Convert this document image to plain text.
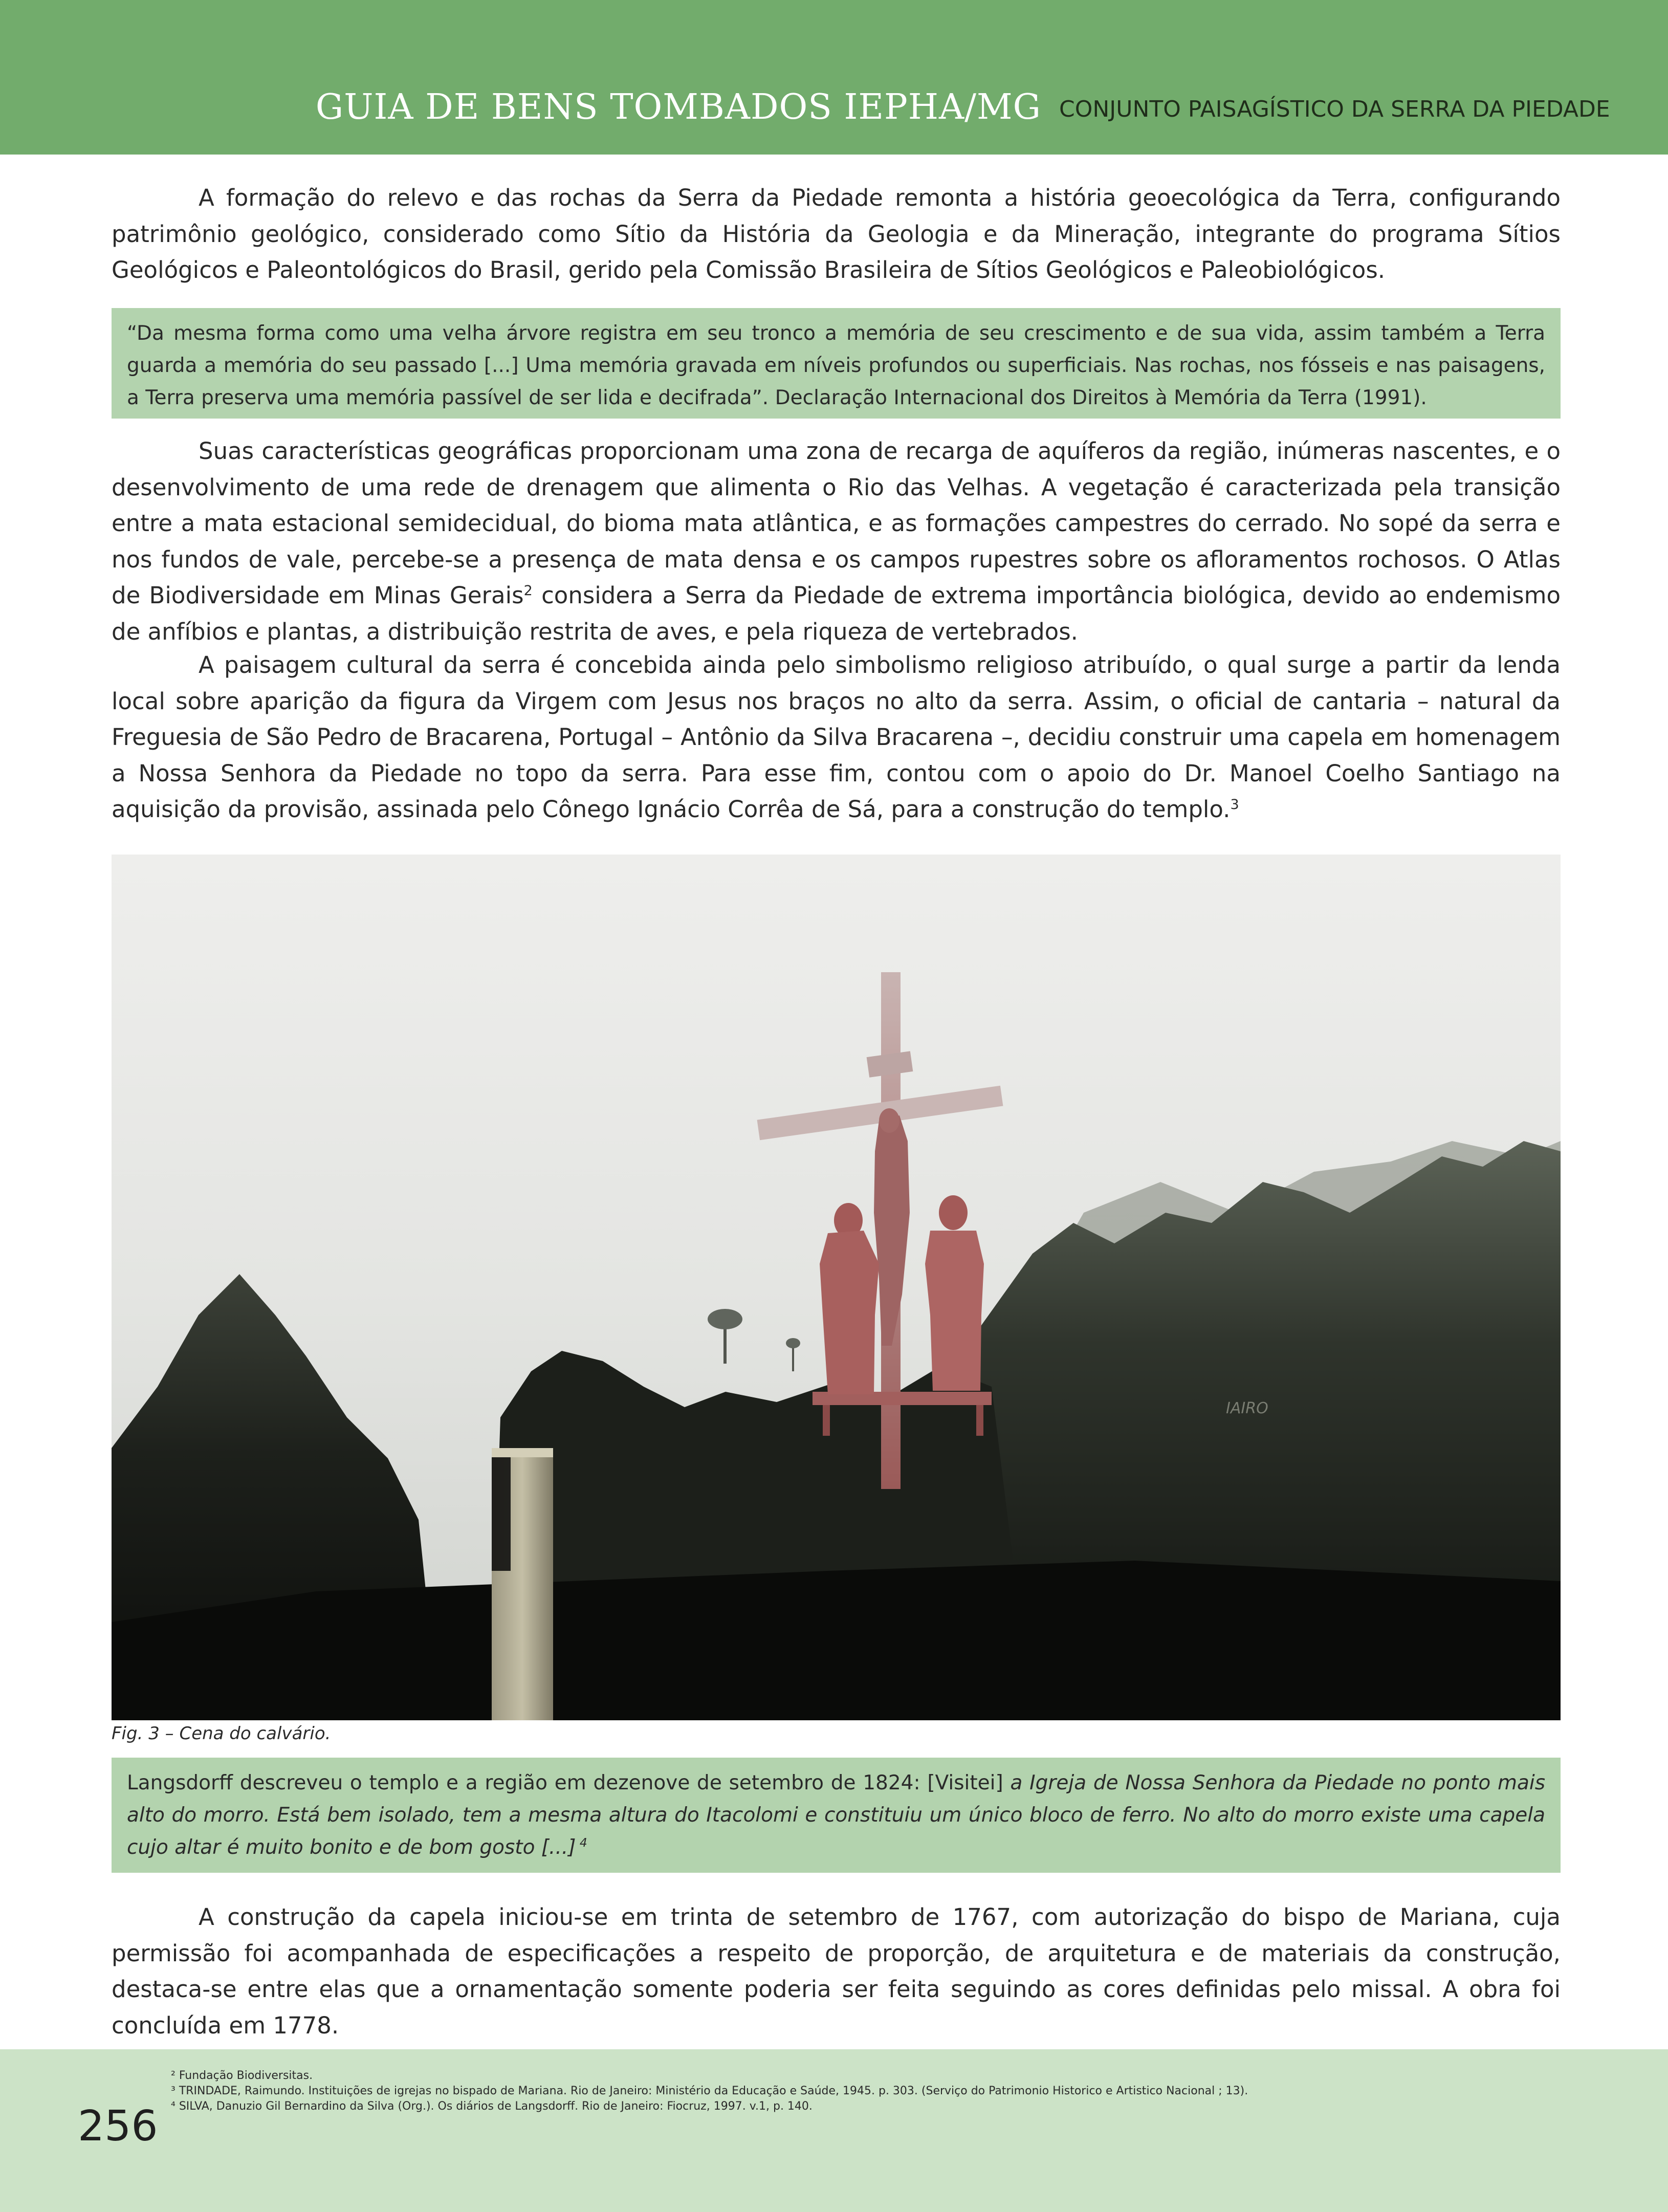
GUIA DE BENS TOMBADOS IEPHA/MG CONJUNTO PAISAGÍSTICO DA SERRA DA PIEDADE

A formação do relevo e das rochas da Serra da Piedade remonta a história geoecológica da Terra, configurando patrimônio geológico, considerado como Sítio da História da Geologia e da Mineração, integrante do programa Sítios Geológicos e Paleontológicos do Brasil, gerido pela Comissão Brasileira de Sítios Geológicos e Paleobiológicos.

“Da mesma forma como uma velha árvore registra em seu tronco a memória de seu crescimento e de sua vida, assim também a Terra guarda a memória do seu passado [...] Uma memória gravada em níveis profundos ou superficiais. Nas rochas, nos fósseis e nas paisagens, a Terra preserva uma memória passível de ser lida e decifrada”. Declaração Internacional dos Direitos à Memória da Terra (1991).

Suas características geográficas proporcionam uma zona de recarga de aquíferos da região, inúmeras nascentes, e o desenvolvimento de uma rede de drenagem que alimenta o Rio das Velhas. A vegetação é caracterizada pela transição entre a mata estacional semidecidual, do bioma mata atlântica, e as formações campestres do cerrado. No sopé da serra e nos fundos de vale, percebe-se a presença de mata densa e os campos rupestres sobre os afloramentos rochosos. O Atlas de Biodiversidade em Minas Gerais$^2$ considera a Serra da Piedade de extrema importância biológica, devido ao endemismo de anfíbios e plantas, a distribuição restrita de aves, e pela riqueza de vertebrados.

A paisagem cultural da serra é concebida ainda pelo simbolismo religioso atribuído, o qual surge a partir da lenda local sobre aparição da figura da Virgem com Jesus nos braços no alto da serra. Assim, o oficial de cantaria – natural da Freguesia de São Pedro de Bracarena, Portugal – Antônio da Silva Bracarena –, decidiu construir uma capela em homenagem a Nossa Senhora da Piedade no topo da serra. Para esse fim, contou com o apoio do Dr. Manoel Coelho Santiago na aquisição da provisão, assinada pelo Cônego Ignácio Corrêa de Sá, para a construção do templo.$^3$

IAIRO
Fig. 3 – Cena do calvário.

Langsdorff descreveu o templo e a região em dezenove de setembro de 1824: [Visitei] a Igreja de Nossa Senhora da Piedade no ponto mais alto do morro. Está bem isolado, tem a mesma altura do Itacolomi e constituiu um único bloco de ferro. No alto do morro existe uma capela cujo altar é muito bonito e de bom gosto [...] $^4$

A construção da capela iniciou-se em trinta de setembro de 1767, com autorização do bispo de Mariana, cuja permissão foi acompanhada de especificações a respeito de proporção, de arquitetura e de materiais da construção, destaca-se entre elas que a ornamentação somente poderia ser feita seguindo as cores definidas pelo missal. A obra foi concluída em 1778.

256
² Fundação Biodiversitas.
³ TRINDADE, Raimundo. Instituições de igrejas no bispado de Mariana. Rio de Janeiro: Ministério da Educação e Saúde, 1945. p. 303. (Serviço do Patrimonio Historico e Artistico Nacional ; 13).
⁴ SILVA, Danuzio Gil Bernardino da Silva (Org.). Os diários de Langsdorff. Rio de Janeiro: Fiocruz, 1997. v.1, p. 140.
